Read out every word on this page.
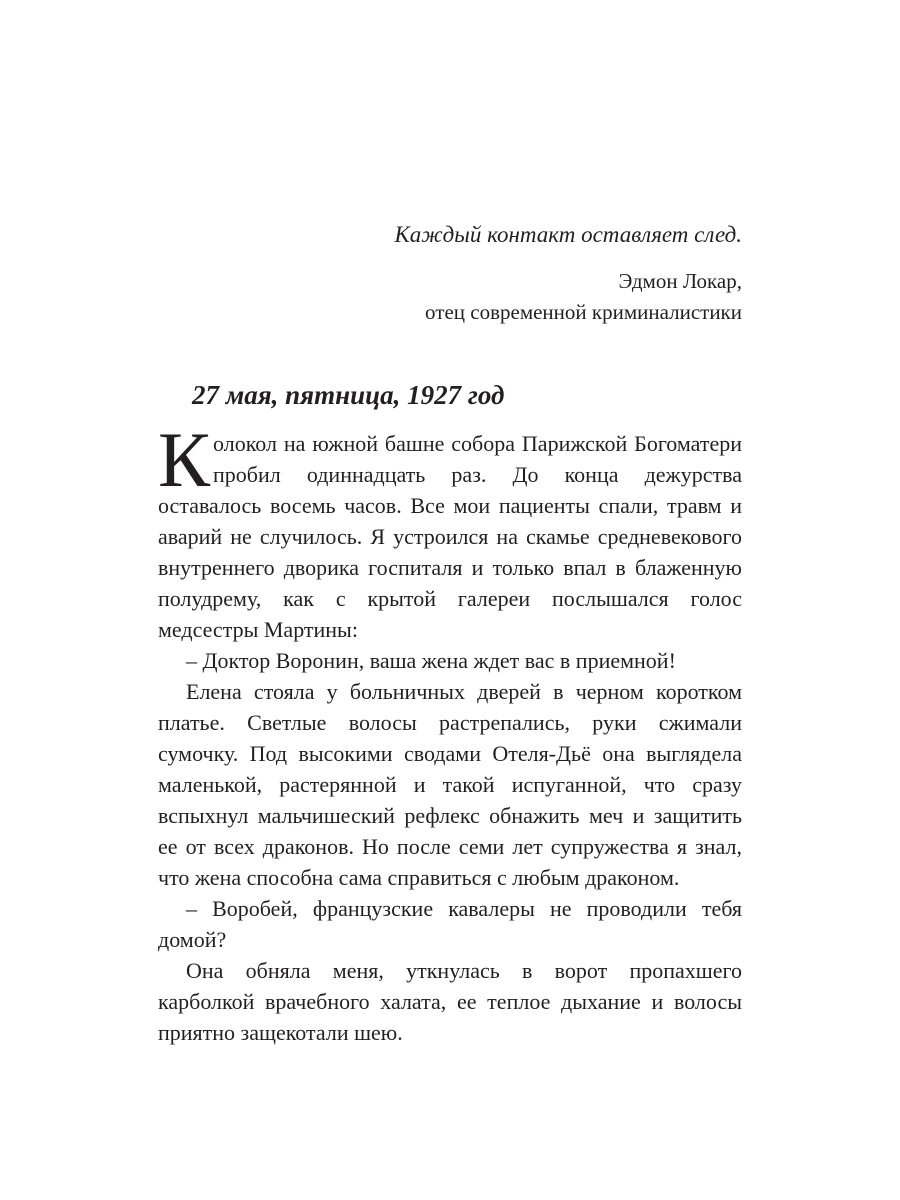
Каждый контакт оставляет след.

Эдмон Локар,

отец современной криминалистики

27 мая, пятница, 1927 год

Колокол на южной башне собора Парижской Богоматери пробил одиннадцать раз. До конца дежурства оставалось восемь часов. Все мои пациенты спали, травм и аварий не случилось. Я устроился на скамье средневекового внутреннего дворика госпиталя и только впал в блаженную полудрему, как с крытой галереи послышался голос медсестры Мартины:

– Доктор Воронин, ваша жена ждет вас в приемной!

Елена стояла у больничных дверей в черном коротком платье. Светлые волосы растрепались, руки сжимали сумочку. Под высокими сводами Отеля-Дьё она выглядела маленькой, растерянной и такой испуганной, что сразу вспыхнул мальчишеский рефлекс обнажить меч и защитить ее от всех драконов. Но после семи лет супружества я знал, что жена способна сама справиться с любым драконом.

– Воробей, французские кавалеры не проводили тебя домой?

Она обняла меня, уткнулась в ворот пропахшего карболкой врачебного халата, ее теплое дыхание и волосы приятно защекотали шею.
